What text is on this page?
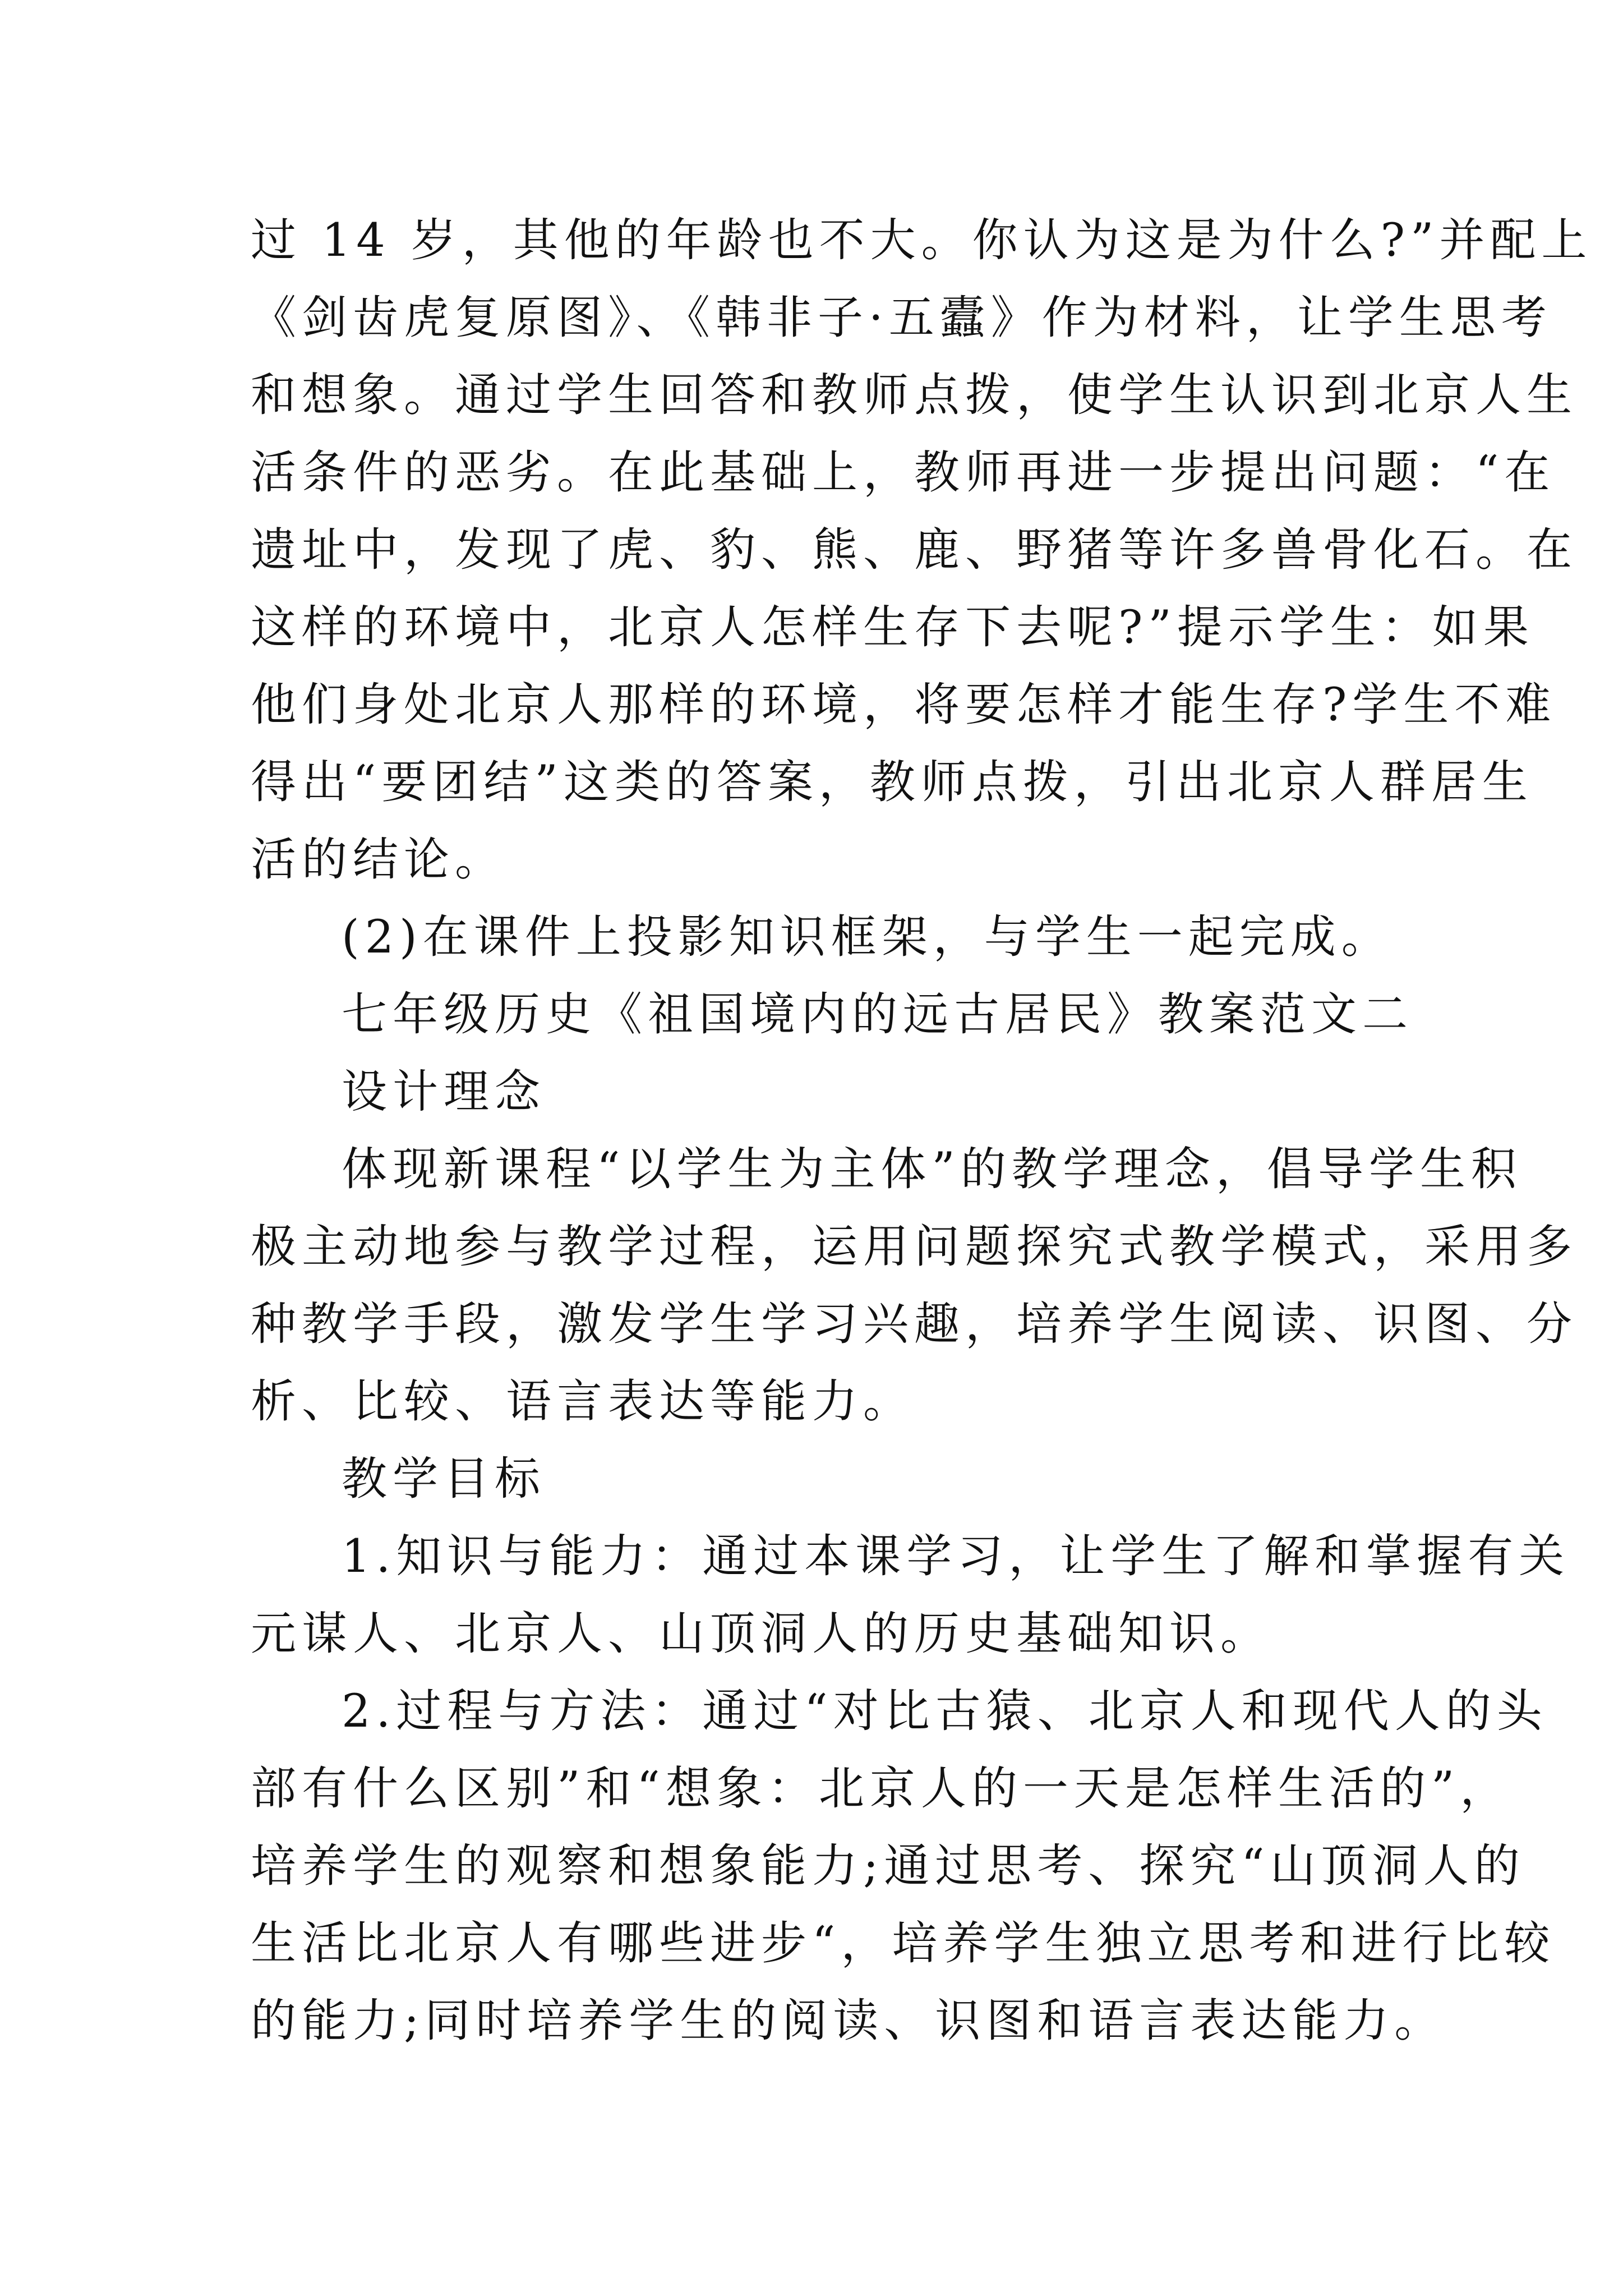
过 14 岁，其他的年龄也不大。你认为这是为什么?”并配上
《剑齿虎复原图》、《韩非子·五蠹》作为材料，让学生思考
和想象。通过学生回答和教师点拨，使学生认识到北京人生
活条件的恶劣。在此基础上，教师再进一步提出问题：“在
遗址中，发现了虎、豹、熊、鹿、野猪等许多兽骨化石。在
这样的环境中，北京人怎样生存下去呢?”提示学生：如果
他们身处北京人那样的环境，将要怎样才能生存?学生不难
得出“要团结”这类的答案，教师点拨，引出北京人群居生
活的结论。
(2)在课件上投影知识框架，与学生一起完成。
七年级历史《祖国境内的远古居民》教案范文二
设计理念
体现新课程“以学生为主体”的教学理念，倡导学生积
极主动地参与教学过程，运用问题探究式教学模式，采用多
种教学手段，激发学生学习兴趣，培养学生阅读、识图、分
析、比较、语言表达等能力。
教学目标
1.知识与能力：通过本课学习，让学生了解和掌握有关
元谋人、北京人、山顶洞人的历史基础知识。
2.过程与方法：通过“对比古猿、北京人和现代人的头
部有什么区别”和“想象：北京人的一天是怎样生活的”，
培养学生的观察和想象能力;通过思考、探究“山顶洞人的
生活比北京人有哪些进步“，培养学生独立思考和进行比较
的能力;同时培养学生的阅读、识图和语言表达能力。
